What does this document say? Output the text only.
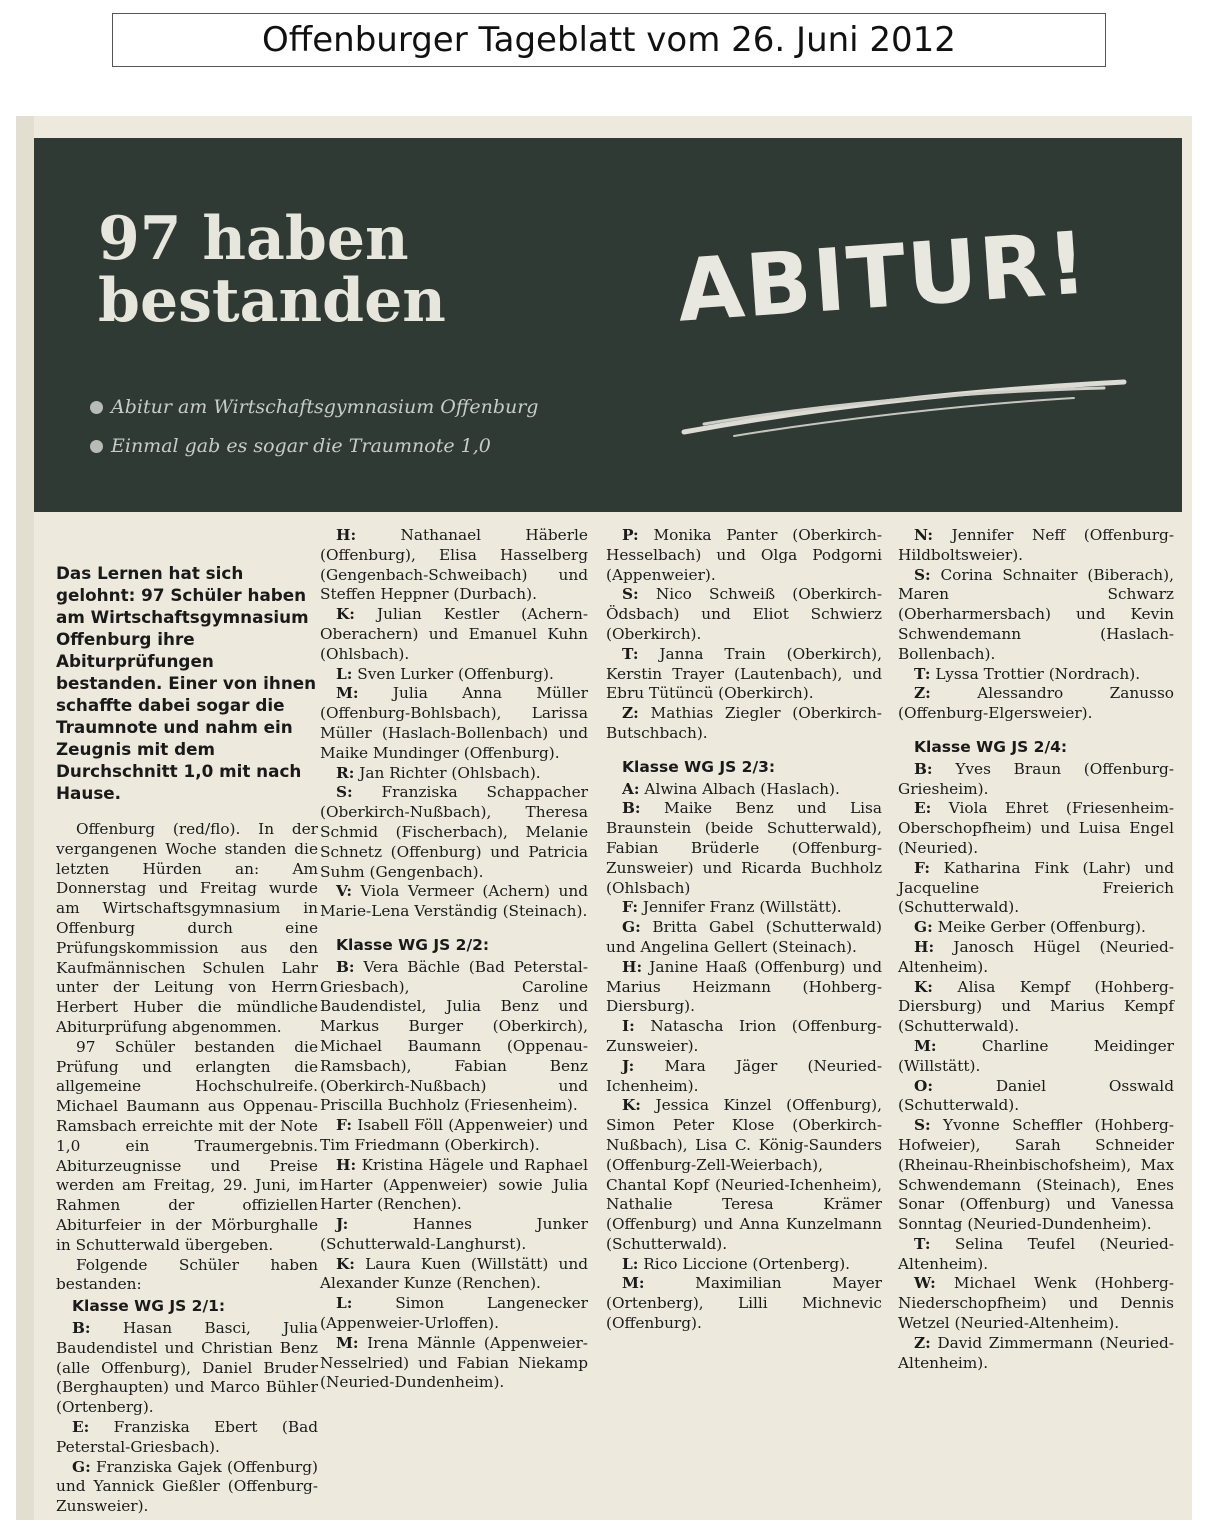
Offenburger Tageblatt vom 26. Juni 2012
97 haben
bestanden	ABITUR!
Abitur am Wirtschaftsgymnasium Offenburg
Einmal gab es sogar die Traumnote 1,0

Das Lernen hat sich gelohnt: 97 Schüler haben am Wirtschaftsgymnasium Offenburg ihre Abiturprüfungen bestanden. Einer von ihnen schaffte dabei sogar die Traumnote und nahm ein Zeugnis mit dem Durchschnitt 1,0 mit nach Hause.

Offenburg (red/flo). In der vergangenen Woche standen die letzten Hürden an: Am Donnerstag und Freitag wurde am Wirtschaftsgymnasium in Offenburg durch eine Prüfungskommission aus den Kaufmännischen Schulen Lahr unter der Leitung von Herrn Herbert Huber die mündliche Abiturprüfung abgenommen.

97 Schüler bestanden die Prüfung und erlangten die allgemeine Hochschulreife. Michael Baumann aus Oppenau-Ramsbach erreichte mit der Note 1,0 ein Traumergebnis. Abiturzeugnisse und Preise werden am Freitag, 29. Juni, im Rahmen der offiziellen Abiturfeier in der Mörburghalle in Schutterwald übergeben.

Folgende Schüler haben bestanden:

Klasse WG JS 2/1:

B: Hasan Basci, Julia Baudendistel und Christian Benz (alle Offenburg), Daniel Bruder (Berghaupten) und Marco Bühler (Ortenberg).

E: Franziska Ebert (Bad Peterstal-Griesbach).

G: Franziska Gajek (Offenburg) und Yannick Gießler (Offenburg-Zunsweier).

H:	Nathanael Häberle (Offenburg), Elisa Hasselberg (Gengenbach-Schweibach) und Steffen Heppner (Durbach).

K: Julian Kestler (Achern-Oberachern) und Emanuel Kuhn (Ohlsbach).

L: Sven Lurker (Offenburg).

M: Julia Anna Müller (Offenburg-Bohlsbach), Larissa Müller (Haslach-Bollenbach) und Maike Mundinger (Offenburg).

R: Jan Richter (Ohlsbach).

S: Franziska Schappacher (Oberkirch-Nußbach), Theresa Schmid (Fischerbach), Melanie Schnetz (Offenburg) und Patricia Suhm (Gengenbach).

V: Viola Vermeer (Achern) und Marie-Lena Verständig (Steinach).

Klasse WG JS 2/2:

B: Vera Bächle (Bad Peterstal-Griesbach), Caroline Baudendistel, Julia Benz und Markus Burger (Oberkirch), Michael Baumann (Oppenau-Ramsbach), Fabian Benz (Oberkirch-Nußbach) und Priscilla Buchholz (Friesenheim).

F: Isabell Föll (Appenweier) und Tim Friedmann (Oberkirch).

H: Kristina Hägele und Raphael Harter (Appenweier) sowie Julia Harter (Renchen).

J:	Hannes Junker (Schutterwald-Langhurst).

K: Laura Kuen (Willstätt) und Alexander Kunze (Renchen).

L:	Simon Langenecker (Appenweier-Urloffen).

M: Irena Männle (Appenweier-Nesselried) und Fabian Niekamp (Neuried-Dundenheim).

P: Monika Panter (Oberkirch-Hesselbach) und Olga Podgorni (Appenweier).

S: Nico Schweiß (Oberkirch-Ödsbach) und Eliot Schwierz (Oberkirch).

T: Janna Train (Oberkirch), Kerstin Trayer (Lautenbach), und Ebru Tütüncü (Oberkirch).

Z: Mathias Ziegler (Oberkirch-Butschbach).

Klasse WG JS 2/3:

A: Alwina Albach (Haslach).

B: Maike Benz und Lisa Braunstein (beide Schutterwald), Fabian Brüderle (Offenburg-Zunsweier) und Ricarda Buchholz (Ohlsbach)

F: Jennifer Franz (Willstätt).

G: Britta Gabel (Schutterwald) und Angelina Gellert (Steinach).

H: Janine Haaß (Offenburg) und Marius Heizmann (Hohberg-Diersburg).

I: Natascha Irion (Offenburg-Zunsweier).

J: Mara Jäger (Neuried-Ichenheim).

K: Jessica Kinzel (Offenburg), Simon Peter Klose (Oberkirch-Nußbach), Lisa C. König-Saunders (Offenburg-Zell-Weierbach), Chantal Kopf (Neuried-Ichenheim), Nathalie Teresa Krämer (Offenburg) und Anna Kunzelmann (Schutterwald).

L: Rico Liccione (Ortenberg).

M:	Maximilian Mayer (Ortenberg), Lilli Michnevic (Offenburg).

N: Jennifer Neff (Offenburg-Hildboltsweier).

S: Corina Schnaiter (Biberach), Maren Schwarz (Oberharmersbach) und Kevin Schwendemann (Haslach-Bollenbach).

T: Lyssa Trottier (Nordrach).

Z:	Alessandro Zanusso (Offenburg-Elgersweier).

Klasse WG JS 2/4:

B: Yves Braun (Offenburg-Griesheim).

E: Viola Ehret (Friesenheim-Oberschopfheim) und Luisa Engel (Neuried).

F: Katharina Fink (Lahr) und Jacqueline Freierich (Schutterwald).

G: Meike Gerber (Offenburg).

H: Janosch Hügel (Neuried-Altenheim).

K: Alisa Kempf (Hohberg-Diersburg) und Marius Kempf (Schutterwald).

M:	Charline Meidinger (Willstätt).

O:	Daniel Osswald (Schutterwald).

S: Yvonne Scheffler (Hohberg-Hofweier), Sarah Schneider (Rheinau-Rheinbischofsheim), Max Schwendemann (Steinach), Enes Sonar (Offenburg) und Vanessa Sonntag (Neuried-Dundenheim).

T: Selina Teufel (Neuried-Altenheim).

W: Michael Wenk (Hohberg-Niederschopfheim) und Dennis Wetzel (Neuried-Altenheim).

Z: David Zimmermann (Neuried-Altenheim).
